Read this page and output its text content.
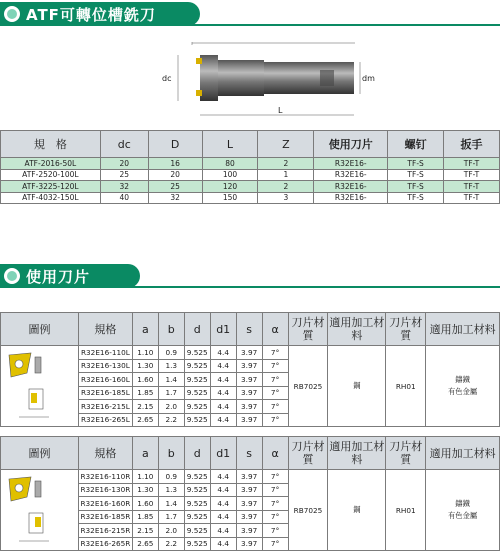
ATF可轉位槽銑刀
dc	dm
L
規　格	dc	D	L	Z	使用刀片	螺钉	扳手
ATF-2016-50L	20	16	80	2	R32E16-	TF-S	TF-T
ATF-2520-100L	25	20	100	1	R32E16-	TF-S	TF-T
ATF-3225-120L	32	25	120	2	R32E16-	TF-S	TF-T
ATF-4032-150L	40	32	150	3	R32E16-	TF-S	TF-T
使用刀片
圖例	規格	a	b	d	d1	s	α	刀片材質	適用加工材料	刀片材質	適用加工材料
	R32E16-110L	1.10	0.9	9.525	4.4	3.97	7°	RB7025	鋼	RH01	鑄鐵
有色金屬
	R32E16-130L	1.30	1.3	9.525	4.4	3.97	7°				
	R32E16-160L	1.60	1.4	9.525	4.4	3.97	7°				
	R32E16-185L	1.85	1.7	9.525	4.4	3.97	7°				
	R32E16-215L	2.15	2.0	9.525	4.4	3.97	7°				
	R32E16-265L	2.65	2.2	9.525	4.4	3.97	7°				
圖例	規格	a	b	d	d1	s	α	刀片材質	適用加工材料	刀片材質	適用加工材料
	R32E16-110R	1.10	0.9	9.525	4.4	3.97	7°	RB7025	鋼	RH01	鑄鐵
有色金屬
	R32E16-130R	1.30	1.3	9.525	4.4	3.97	7°				
	R32E16-160R	1.60	1.4	9.525	4.4	3.97	7°				
	R32E16-185R	1.85	1.7	9.525	4.4	3.97	7°				
	R32E16-215R	2.15	2.0	9.525	4.4	3.97	7°				
	R32E16-265R	2.65	2.2	9.525	4.4	3.97	7°				
